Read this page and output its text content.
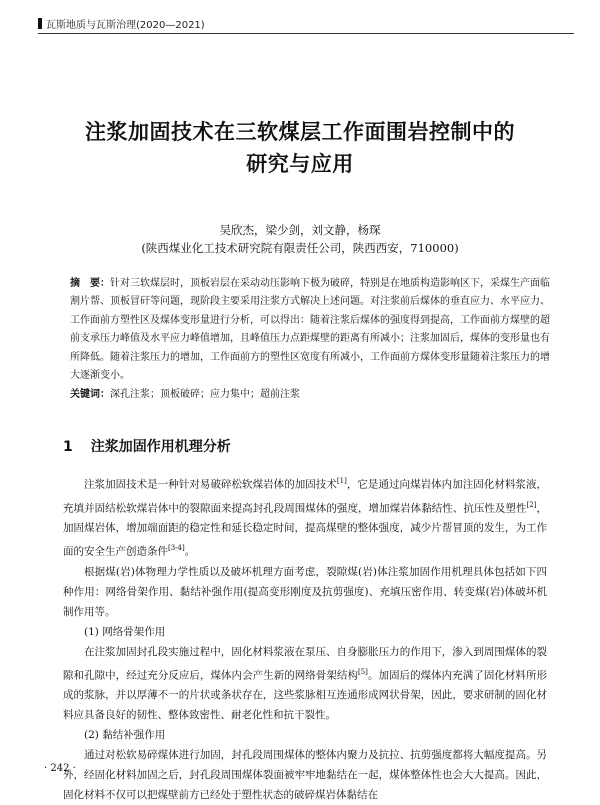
瓦斯地质与瓦斯治理(2020—2021)
注浆加固技术在三软煤层工作面围岩控制中的
研究与应用
吴欣杰，梁少剑，刘文静，杨琛
(陕西煤业化工技术研究院有限责任公司，陕西西安，710000)
摘　要：针对三软煤层时，顶板岩层在采动动压影响下极为破碎，特别是在地质构造影响区下，采煤生产面临割片帮、顶板冒矸等问题，现阶段主要采用注浆方式解决上述问题。对注浆前后煤体的垂直应力、水平应力、工作面前方塑性区及煤体变形量进行分析，可以得出：随着注浆后煤体的强度得到提高，工作面前方煤壁的超前支承压力峰值及水平应力峰值增加，且峰值压力点距煤壁的距离有所减小；注浆加固后，煤体的变形量也有所降低。随着注浆压力的增加，工作面前方的塑性区宽度有所减小，工作面前方煤体变形量随着注浆压力的增大逐渐变小。
关键词：深孔注浆；顶板破碎；应力集中；超前注浆
1 注浆加固作用机理分析

注浆加固技术是一种针对易破碎松软煤岩体的加固技术[1]，它是通过向煤岩体内加注固化材料浆液，充填并固结松软煤岩体中的裂隙面来提高封孔段周围煤体的强度，增加煤岩体黏结性、抗压性及塑性[2]，加固煤岩体，增加端面距的稳定性和延长稳定时间，提高煤壁的整体强度，减少片帮冒顶的发生，为工作面的安全生产创造条件[3-4]。

根据煤(岩)体物理力学性质以及破坏机理方面考虑，裂隙煤(岩)体注浆加固作用机理具体包括如下四种作用：网络骨架作用、黏结补强作用(提高变形刚度及抗剪强度)、充填压密作用、转变煤(岩)体破坏机制作用等。

(1) 网络骨架作用

在注浆加固封孔段实施过程中，固化材料浆液在泵压、自身膨胀压力的作用下，渗入到周围煤体的裂隙和孔隙中，经过充分反应后，煤体内会产生新的网络骨架结构[5]。加固后的煤体内充满了固化材料所形成的浆脉，并以厚薄不一的片状或条状存在，这些浆脉相互连通形成网状骨架，因此，要求研制的固化材料应具备良好的韧性、整体致密性、耐老化性和抗干裂性。

(2) 黏结补强作用

通过对松软易碎煤体进行加固，封孔段周围煤体的整体内聚力及抗拉、抗剪强度都将大幅度提高。另外，经固化材料加固之后，封孔段周围煤体裂面被牢牢地黏结在一起，煤体整体性也会大大提高。因此，固化材料不仅可以把煤壁前方已经处于塑性状态的破碎煤岩体黏结在

· 242 ·
